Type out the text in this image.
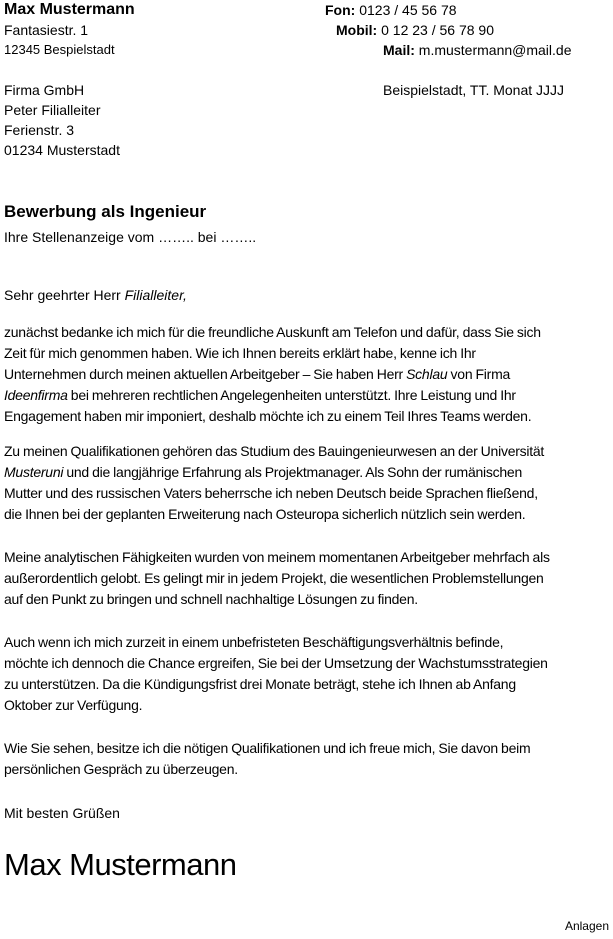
Max Mustermann
Fantasiestr. 1
12345 Bespielstadt
Fon: 0123 / 45 56 78
Mobil: 0 12 23 / 56 78 90
Mail: m.mustermann@mail.de
Beispielstadt, TT. Monat JJJJ
Firma GmbH
Peter Filialleiter
Ferienstr. 3
01234 Musterstadt
Bewerbung als Ingenieur
Ihre Stellenanzeige vom …….. bei ……..
Sehr geehrter Herr Filialleiter,
zunächst bedanke ich mich für die freundliche Auskunft am Telefon und dafür, dass Sie sich
Zeit für mich genommen haben. Wie ich Ihnen bereits erklärt habe, kenne ich Ihr
Unternehmen durch meinen aktuellen Arbeitgeber – Sie haben Herr Schlau von Firma
Ideenfirma bei mehreren rechtlichen Angelegenheiten unterstützt. Ihre Leistung und Ihr
Engagement haben mir imponiert, deshalb möchte ich zu einem Teil Ihres Teams werden.
Zu meinen Qualifikationen gehören das Studium des Bauingenieurwesen an der Universität
Musteruni und die langjährige Erfahrung als Projektmanager. Als Sohn der rumänischen
Mutter und des russischen Vaters beherrsche ich neben Deutsch beide Sprachen fließend,
die Ihnen bei der geplanten Erweiterung nach Osteuropa sicherlich nützlich sein werden.
Meine analytischen Fähigkeiten wurden von meinem momentanen Arbeitgeber mehrfach als
außerordentlich gelobt. Es gelingt mir in jedem Projekt, die wesentlichen Problemstellungen
auf den Punkt zu bringen und schnell nachhaltige Lösungen zu finden.
Auch wenn ich mich zurzeit in einem unbefristeten Beschäftigungsverhältnis befinde,
möchte ich dennoch die Chance ergreifen, Sie bei der Umsetzung der Wachstumsstrategien
zu unterstützen. Da die Kündigungsfrist drei Monate beträgt, stehe ich Ihnen ab Anfang
Oktober zur Verfügung.
Wie Sie sehen, besitze ich die nötigen Qualifikationen und ich freue mich, Sie davon beim
persönlichen Gespräch zu überzeugen.
Mit besten Grüßen
Max Mustermann
Anlagen
